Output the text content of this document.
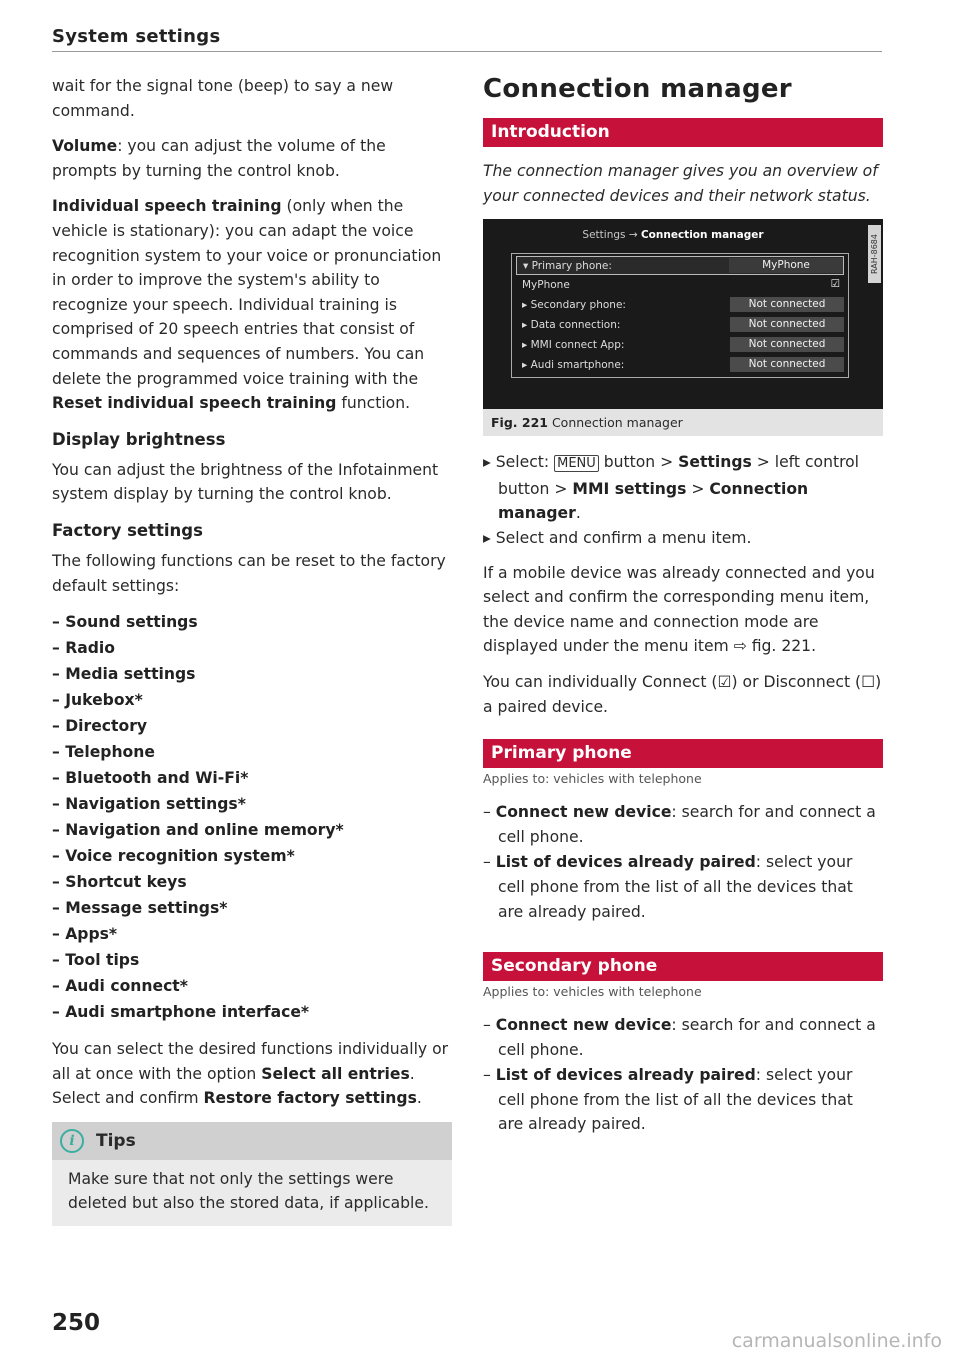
System settings

wait for the signal tone (beep) to say a new command.

Volume: you can adjust the volume of the prompts by turning the control knob.

Individual speech training (only when the vehicle is stationary): you can adapt the voice recognition system to your voice or pronunciation in order to improve the system's ability to recognize your speech. Individual training is comprised of 20 speech entries that consist of commands and sequences of numbers. You can delete the programmed voice training with the Reset individual speech training function.

Display brightness

You can adjust the brightness of the Infotainment system display by turning the control knob.

Factory settings

The following functions can be reset to the factory default settings:

– Sound settings
– Radio
– Media settings
– Jukebox*
– Directory
– Telephone
– Bluetooth and Wi-Fi*
– Navigation settings*
– Navigation and online memory*
– Voice recognition system*
– Shortcut keys
– Message settings*
– Apps*
– Tool tips
– Audi connect*
– Audi smartphone interface*

You can select the desired functions individually or all at once with the option Select all entries. Select and confirm Restore factory settings.

i	Tips

Make sure that not only the settings were deleted but also the stored data, if applicable.

Connection manager
Introduction

The connection manager gives you an overview of your connected devices and their network status.

Settings → Connection manager
▾ Primary phone:	MyPhone
MyPhone	☑
▸ Secondary phone:	Not connected
▸ Data connection:	Not connected
▸ MMI connect App:	Not connected
▸ Audi smartphone:	Not connected
RAH-8684
Fig. 221 Connection manager
▸ Select: MENU button > Settings > left control button > MMI settings > Connection manager.
▸ Select and confirm a menu item.

If a mobile device was already connected and you select and confirm the corresponding menu item, the device name and connection mode are displayed under the menu item ⇨ fig. 221.

You can individually Connect (☑) or Disconnect (☐) a paired device.

Primary phone
Applies to: vehicles with telephone
– Connect new device: search for and connect a cell phone.
– List of devices already paired: select your cell phone from the list of all the devices that are already paired.
Secondary phone
Applies to: vehicles with telephone
– Connect new device: search for and connect a cell phone.
– List of devices already paired: select your cell phone from the list of all the devices that are already paired.
250
carmanualsonline.info
